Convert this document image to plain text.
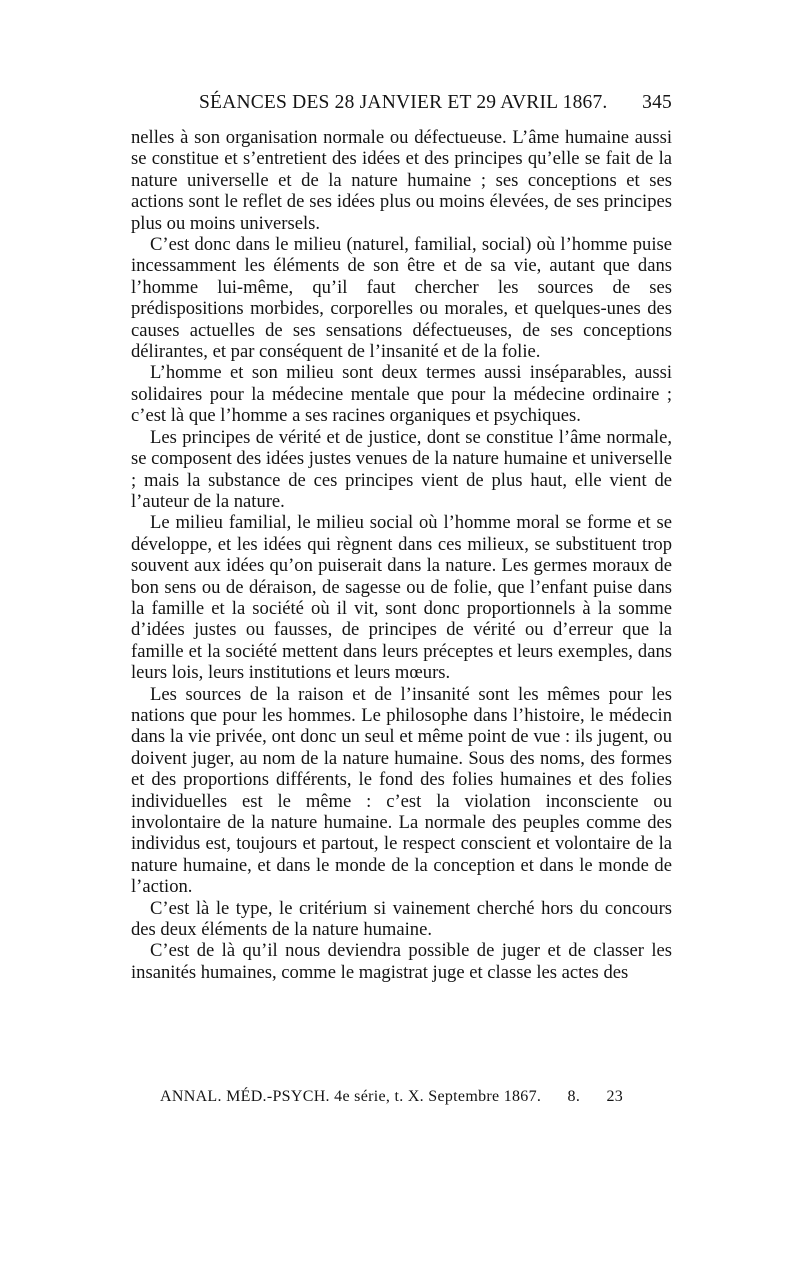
SÉANCES DES 28 JANVIER ET 29 AVRIL 1867. 345

nelles à son organisation normale ou défectueuse. L’âme humaine aussi se constitue et s’entretient des idées et des principes qu’elle se fait de la nature universelle et de la nature humaine ; ses conceptions et ses actions sont le reflet de ses idées plus ou moins élevées, de ses principes plus ou moins universels.

C’est donc dans le milieu (naturel, familial, social) où l’homme puise incessamment les éléments de son être et de sa vie, autant que dans l’homme lui-même, qu’il faut chercher les sources de ses prédispositions morbides, corporelles ou morales, et quelques-unes des causes actuelles de ses sensations défectueuses, de ses conceptions délirantes, et par conséquent de l’insanité et de la folie.

L’homme et son milieu sont deux termes aussi inséparables, aussi solidaires pour la médecine mentale que pour la médecine ordinaire ; c’est là que l’homme a ses racines organiques et psychiques.

Les principes de vérité et de justice, dont se constitue l’âme normale, se composent des idées justes venues de la nature humaine et universelle ; mais la substance de ces principes vient de plus haut, elle vient de l’auteur de la nature.

Le milieu familial, le milieu social où l’homme moral se forme et se développe, et les idées qui règnent dans ces milieux, se substituent trop souvent aux idées qu’on puiserait dans la nature. Les germes moraux de bon sens ou de déraison, de sagesse ou de folie, que l’enfant puise dans la famille et la société où il vit, sont donc proportionnels à la somme d’idées justes ou fausses, de principes de vérité ou d’erreur que la famille et la société mettent dans leurs préceptes et leurs exemples, dans leurs lois, leurs institutions et leurs mœurs.

Les sources de la raison et de l’insanité sont les mêmes pour les nations que pour les hommes. Le philosophe dans l’histoire, le médecin dans la vie privée, ont donc un seul et même point de vue : ils jugent, ou doivent juger, au nom de la nature humaine. Sous des noms, des formes et des proportions différents, le fond des folies humaines et des folies individuelles est le même : c’est la violation inconsciente ou involontaire de la nature humaine. La normale des peuples comme des individus est, toujours et partout, le respect conscient et volontaire de la nature humaine, et dans le monde de la conception et dans le monde de l’action.

C’est là le type, le critérium si vainement cherché hors du concours des deux éléments de la nature humaine.

C’est de là qu’il nous deviendra possible de juger et de classer les insanités humaines, comme le magistrat juge et classe les actes des

ANNAL. MÉD.-PSYCH. 4e série, t. X. Septembre 1867. 8. 23
